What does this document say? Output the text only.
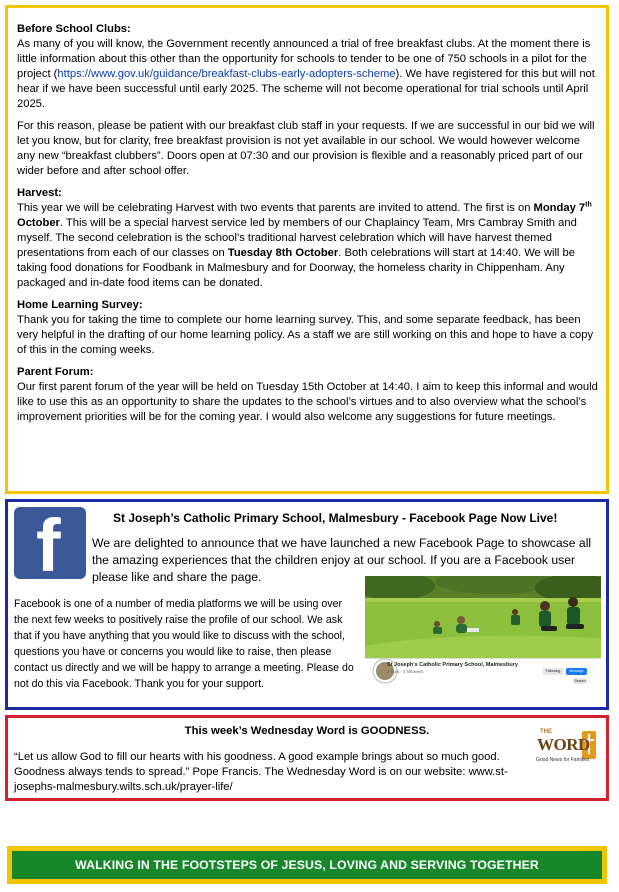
Before School Clubs:

As many of you will know, the Government recently announced a trial of free breakfast clubs. At the moment there is little information about this other than the opportunity for schools to tender to be one of 750 schools in a pilot for the project (https://www.gov.uk/guidance/breakfast-clubs-early-adopters-scheme). We have registered for this but will not hear if we have been successful until early 2025. The scheme will not become operational for trial schools until April 2025.

For this reason, please be patient with our breakfast club staff in your requests. If we are successful in our bid we will let you know, but for clarity, free breakfast provision is not yet available in our school. We would however welcome any new “breakfast clubbers”. Doors open at 07:30 and our provision is flexible and a reasonably priced part of our wider before and after school offer.

Harvest:

This year we will be celebrating Harvest with two events that parents are invited to attend. The first is on Monday 7th October. This will be a special harvest service led by members of our Chaplaincy Team, Mrs Cambray Smith and myself. The second celebration is the school’s traditional harvest celebration which will have harvest themed presentations from each of our classes on Tuesday 8th October. Both celebrations will start at 14:40. We will be taking food donations for Foodbank in Malmesbury and for Doorway, the homeless charity in Chippenham. Any packaged and in-date food items can be donated.

Home Learning Survey:

Thank you for taking the time to complete our home learning survey. This, and some separate feedback, has been very helpful in the drafting of our home learning policy. As a staff we are still working on this and hope to have a copy of this in the coming weeks.

Parent Forum:

Our first parent forum of the year will be held on Tuesday 15th October at 14:40. I aim to keep this informal and would like to use this as an opportunity to share the updates to the school’s virtues and to also overview what the school’s improvement priorities will be for the coming year. I would also welcome any suggestions for future meetings.

f	St Joseph’s Catholic Primary School, Malmesbury - Facebook Page Now Live!

We are delighted to announce that we have launched a new Facebook Page to showcase all the amazing experiences that the children enjoy at our school. If you are a Facebook user please like and share the page.

Facebook is one of a number of media platforms we will be using over the next few weeks to positively raise the profile of our school. We ask that if you have anything that you would like to discuss with the school, questions you have or concerns you would like to raise, then please contact us directly and we will be happy to arrange a meeting. Please do not do this via Facebook. Thank you for your support.

St Joseph's Catholic Primary School, Malmesbury
3 likes · 4 followers	Following	Message
Search
This week’s Wednesday Word is GOODNESS.

“Let us allow God to fill our hearts with his goodness. A good example brings about so much good. Goodness always tends to spread.” Pope Francis. The Wednesday Word is on our website: www.st-josephs-malmesbury.wilts.sch.uk/prayer-life/

THE
WORD
Good News for Families
WALKING IN THE FOOTSTEPS OF JESUS, LOVING AND SERVING TOGETHER
